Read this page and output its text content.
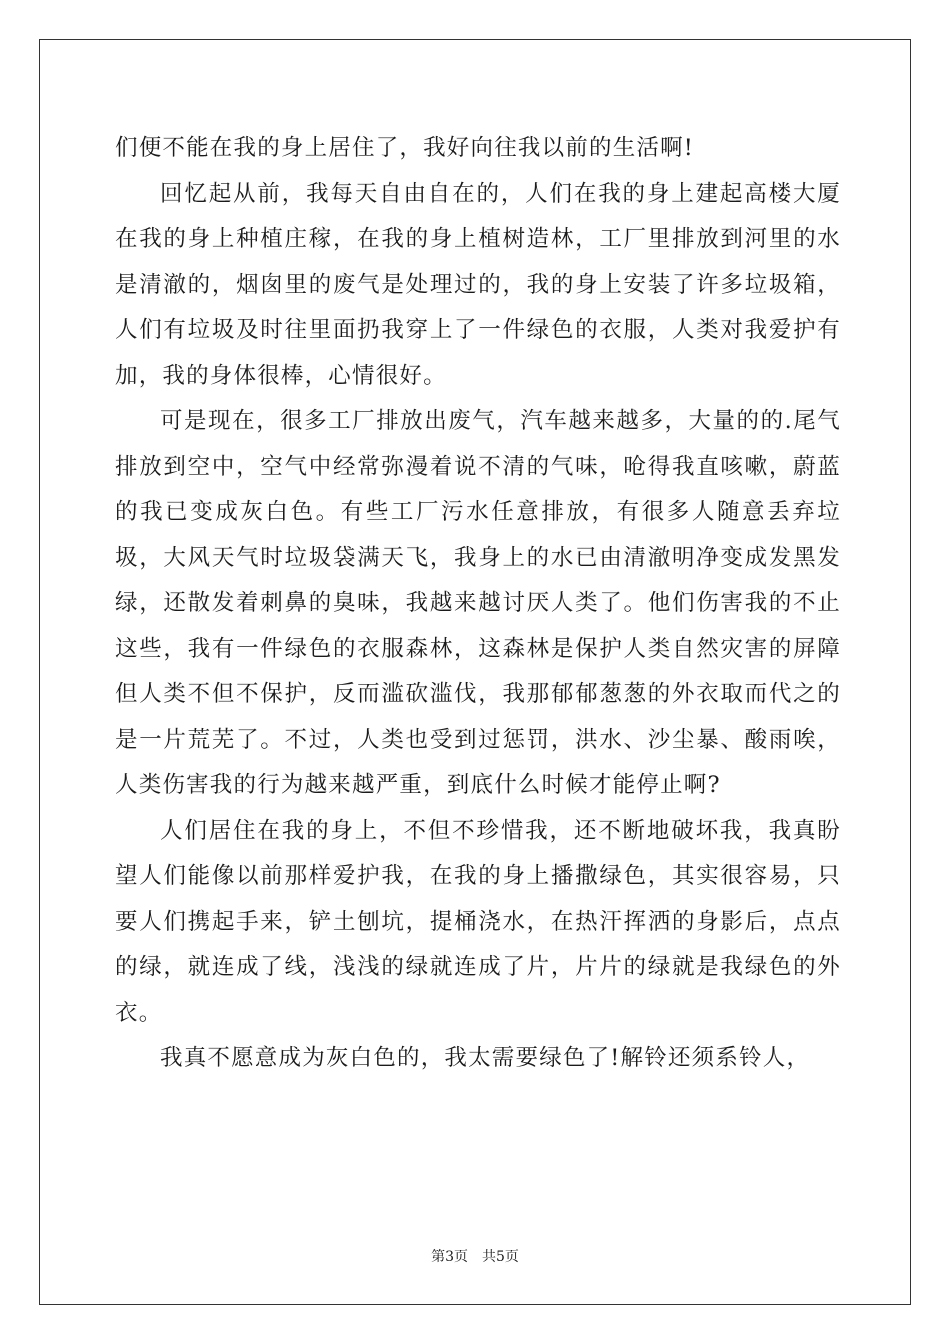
们便不能在我的身上居住了，我好向往我以前的生活啊!

回忆起从前，我每天自由自在的，人们在我的身上建起高楼大厦在我的身上种植庄稼，在我的身上植树造林，工厂里排放到河里的水是清澈的，烟囱里的废气是处理过的，我的身上安装了许多垃圾箱，人们有垃圾及时往里面扔我穿上了一件绿色的衣服，人类对我爱护有加，我的身体很棒，心情很好。

可是现在，很多工厂排放出废气，汽车越来越多，大量的的.尾气排放到空中，空气中经常弥漫着说不清的气味，呛得我直咳嗽，蔚蓝的我已变成灰白色。有些工厂污水任意排放，有很多人随意丢弃垃圾，大风天气时垃圾袋满天飞，我身上的水已由清澈明净变成发黑发绿，还散发着刺鼻的臭味，我越来越讨厌人类了。他们伤害我的不止这些，我有一件绿色的衣服森林，这森林是保护人类自然灾害的屏障但人类不但不保护，反而滥砍滥伐，我那郁郁葱葱的外衣取而代之的是一片荒芜了。不过，人类也受到过惩罚，洪水、沙尘暴、酸雨唉，人类伤害我的行为越来越严重，到底什么时候才能停止啊?

人们居住在我的身上，不但不珍惜我，还不断地破坏我，我真盼望人们能像以前那样爱护我，在我的身上播撒绿色，其实很容易，只要人们携起手来，铲土刨坑，提桶浇水，在热汗挥洒的身影后，点点的绿，就连成了线，浅浅的绿就连成了片，片片的绿就是我绿色的外衣。

我真不愿意成为灰白色的，我太需要绿色了!解铃还须系铃人，

第3页 共5页
